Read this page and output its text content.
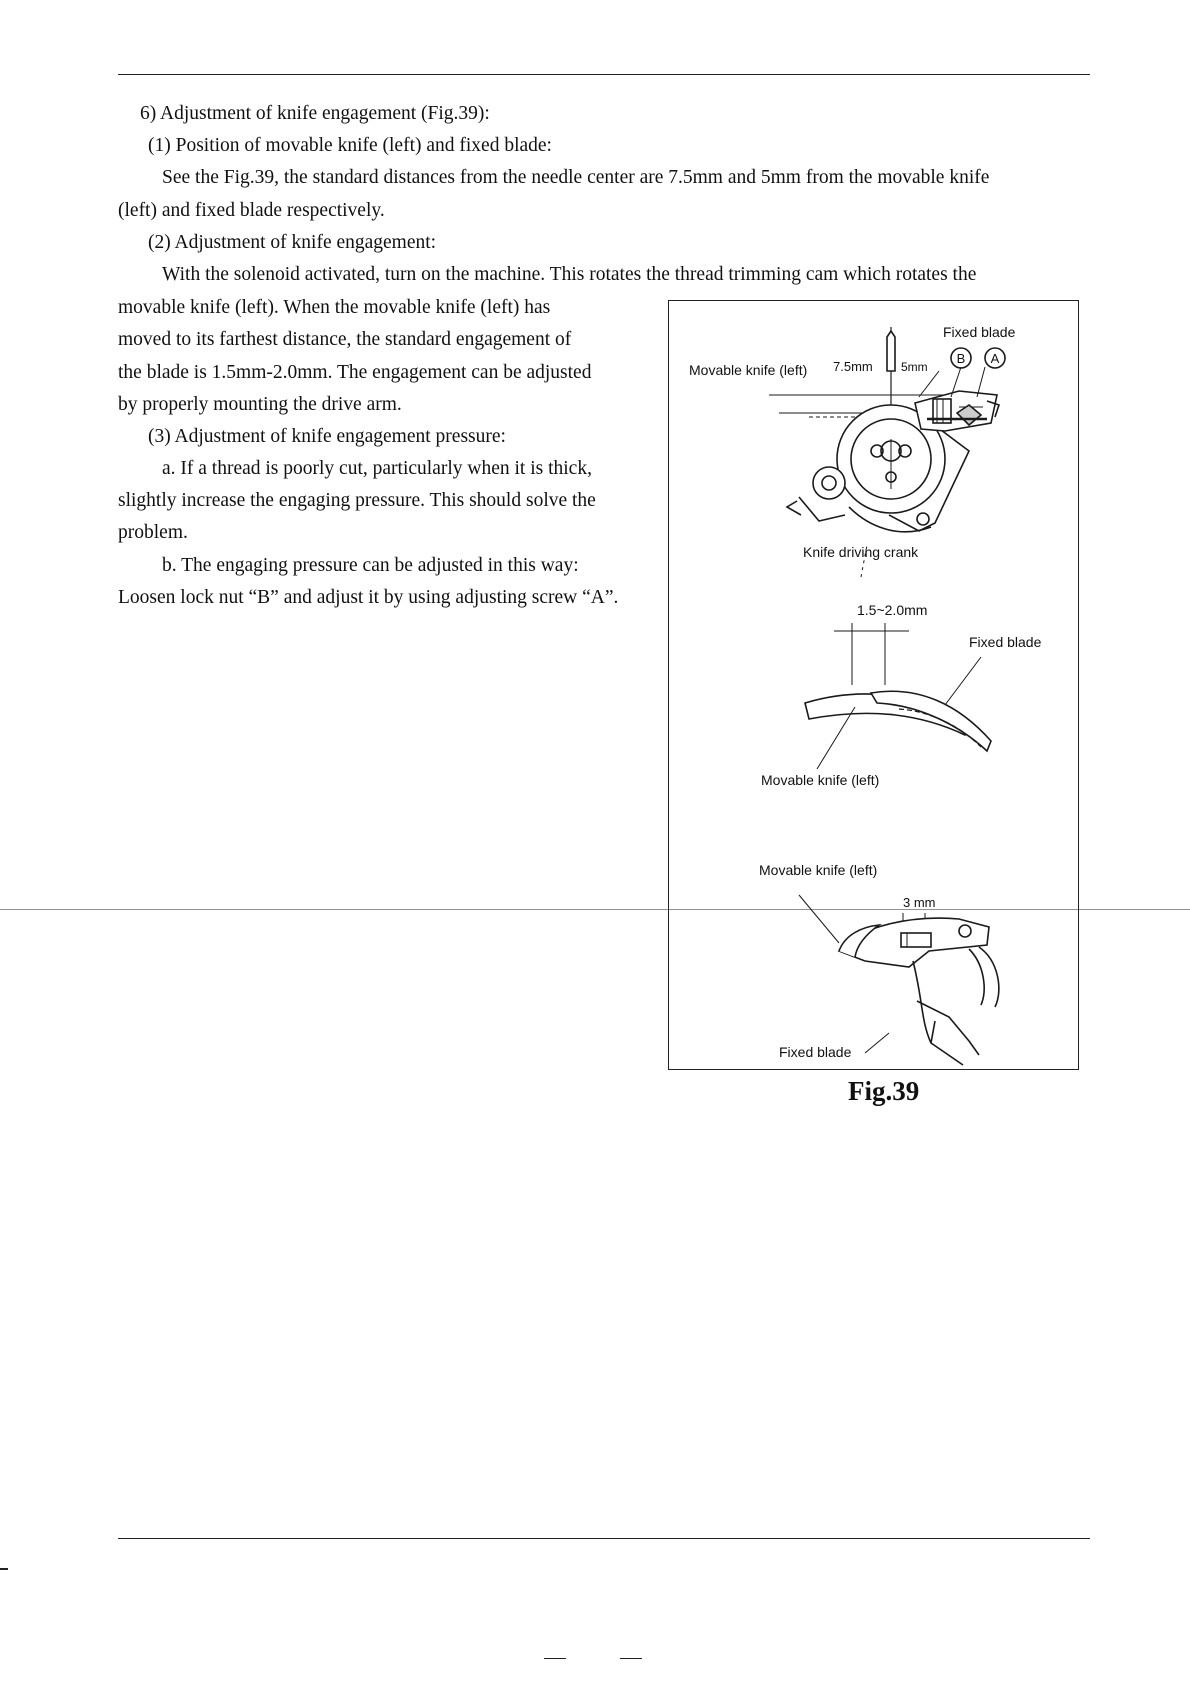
6) Adjustment of knife engagement (Fig.39):
(1) Position of movable knife (left) and fixed blade:
See the Fig.39, the standard distances from the needle center are 7.5mm and 5mm from the movable knife
(left) and fixed blade respectively.
(2) Adjustment of knife engagement:
With the solenoid activated, turn on the machine. This rotates the thread trimming cam which rotates the
movable knife (left). When the movable knife (left) has
moved to its farthest distance, the standard engagement of
the blade is 1.5mm-2.0mm. The engagement can be adjusted
by properly mounting the drive arm.
(3) Adjustment of knife engagement pressure:
a. If a thread is poorly cut, particularly when it is thick,
slightly increase the engaging pressure. This should solve the
problem.
b. The engaging pressure can be adjusted in this way:
Loosen lock nut “B” and adjust it by using adjusting screw “A”.
Fixed blade
Movable knife (left) 7.5mm 5mm
B A
Knife driving crank
1.5~2.0mm
Fixed blade
Movable knife (left)
Movable knife (left)
3 mm
Fixed blade
Fig.39
